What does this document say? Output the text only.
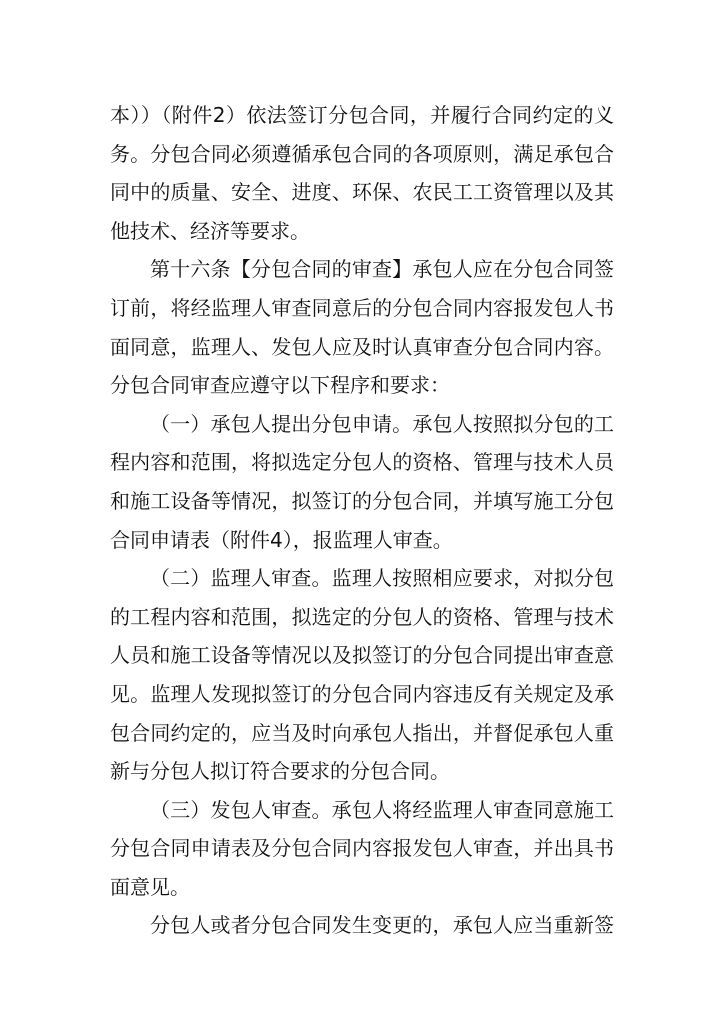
本））（附件2）依法签订分包合同，并履行合同约定的义
务。分包合同必须遵循承包合同的各项原则，满足承包合
同中的质量、安全、进度、环保、农民工工资管理以及其
他技术、经济等要求。
第十六条【分包合同的审查】承包人应在分包合同签
订前，将经监理人审查同意后的分包合同内容报发包人书
面同意，监理人、发包人应及时认真审查分包合同内容。
分包合同审查应遵守以下程序和要求：
（一）承包人提出分包申请。承包人按照拟分包的工
程内容和范围，将拟选定分包人的资格、管理与技术人员
和施工设备等情况，拟签订的分包合同，并填写施工分包
合同申请表（附件4），报监理人审查。
（二）监理人审查。监理人按照相应要求，对拟分包
的工程内容和范围，拟选定的分包人的资格、管理与技术
人员和施工设备等情况以及拟签订的分包合同提出审查意
见。监理人发现拟签订的分包合同内容违反有关规定及承
包合同约定的，应当及时向承包人指出，并督促承包人重
新与分包人拟订符合要求的分包合同。
（三）发包人审查。承包人将经监理人审查同意施工
分包合同申请表及分包合同内容报发包人审查，并出具书
面意见。
分包人或者分包合同发生变更的，承包人应当重新签
